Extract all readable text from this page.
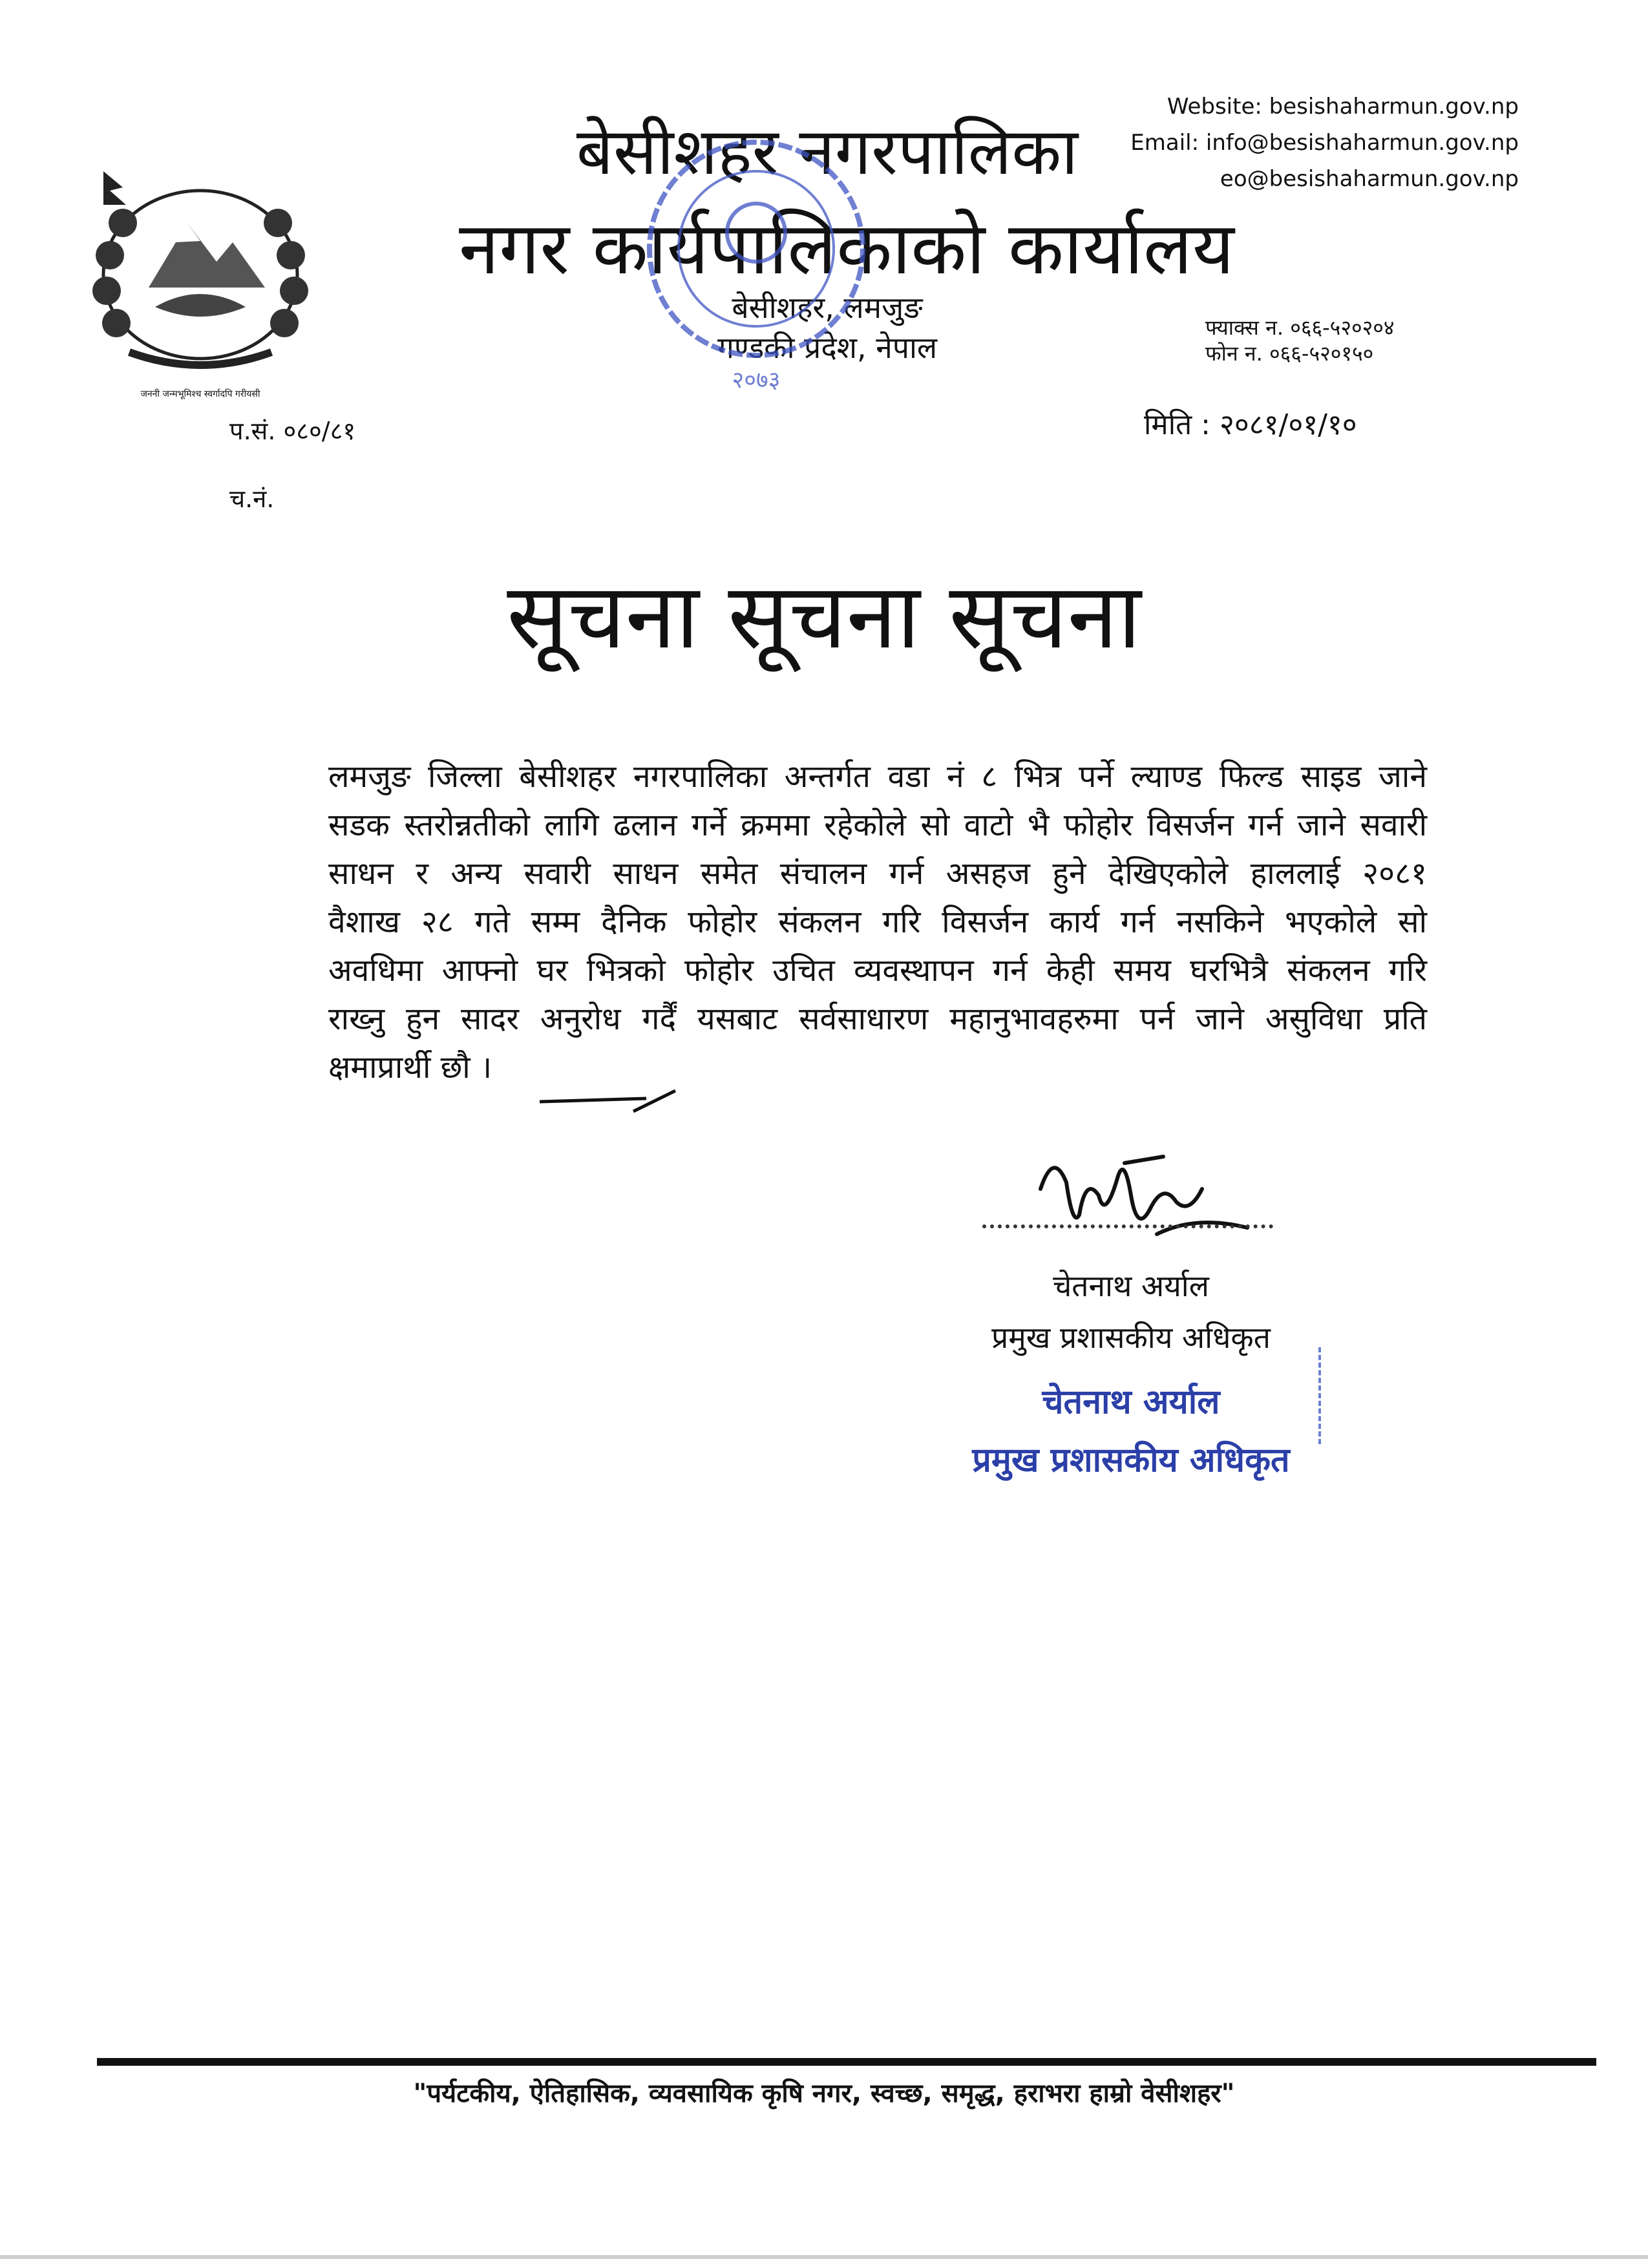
जननी जन्मभूमिश्च स्वर्गादपि गरीयसी
बेसीशहर नगरपालिका
नगर कार्यपालिकाको कार्यालय
बेसीशहर, लमजुङ
गण्डकी प्रदेश, नेपाल
Website: besishaharmun.gov.np
Email: info@besishaharmun.gov.np
eo@besishaharmun.gov.np
फ्याक्स न. ०६६-५२०२०४
फोन न. ०६६-५२०१५०
२०७३
प.सं. ०८०/८१	मिति : २०८१/०१/१०
च.नं.
सूचना सूचना सूचना
लमजुङ जिल्ला बेसीशहर नगरपालिका अन्तर्गत वडा नं ८ भित्र पर्ने ल्याण्ड फिल्ड साइड जाने
सडक स्तरोन्नतीको लागि ढलान गर्ने क्रममा रहेकोले सो वाटो भै फोहोर विसर्जन गर्न जाने सवारी
साधन र अन्य सवारी साधन समेत संचालन गर्न असहज हुने देखिएकोले हाललाई २०८१
वैशाख २८ गते सम्म दैनिक फोहोर संकलन गरि विसर्जन कार्य गर्न नसकिने भएकोले सो
अवधिमा आफ्नो घर भित्रको फोहोर उचित व्यवस्थापन गर्न केही समय घरभित्रै संकलन गरि
राख्नु हुन सादर अनुरोध गर्दैं यसबाट सर्वसाधारण महानुभावहरुमा पर्न जाने असुविधा प्रति
क्षमाप्रार्थी छौ ।
चेतनाथ अर्याल
प्रमुख प्रशासकीय अधिकृत
चेतनाथ अर्याल
प्रमुख प्रशासकीय अधिकृत
"पर्यटकीय, ऐतिहासिक, व्यवसायिक कृषि नगर, स्वच्छ, समृद्ध, हराभरा हाम्रो वेसीशहर"
